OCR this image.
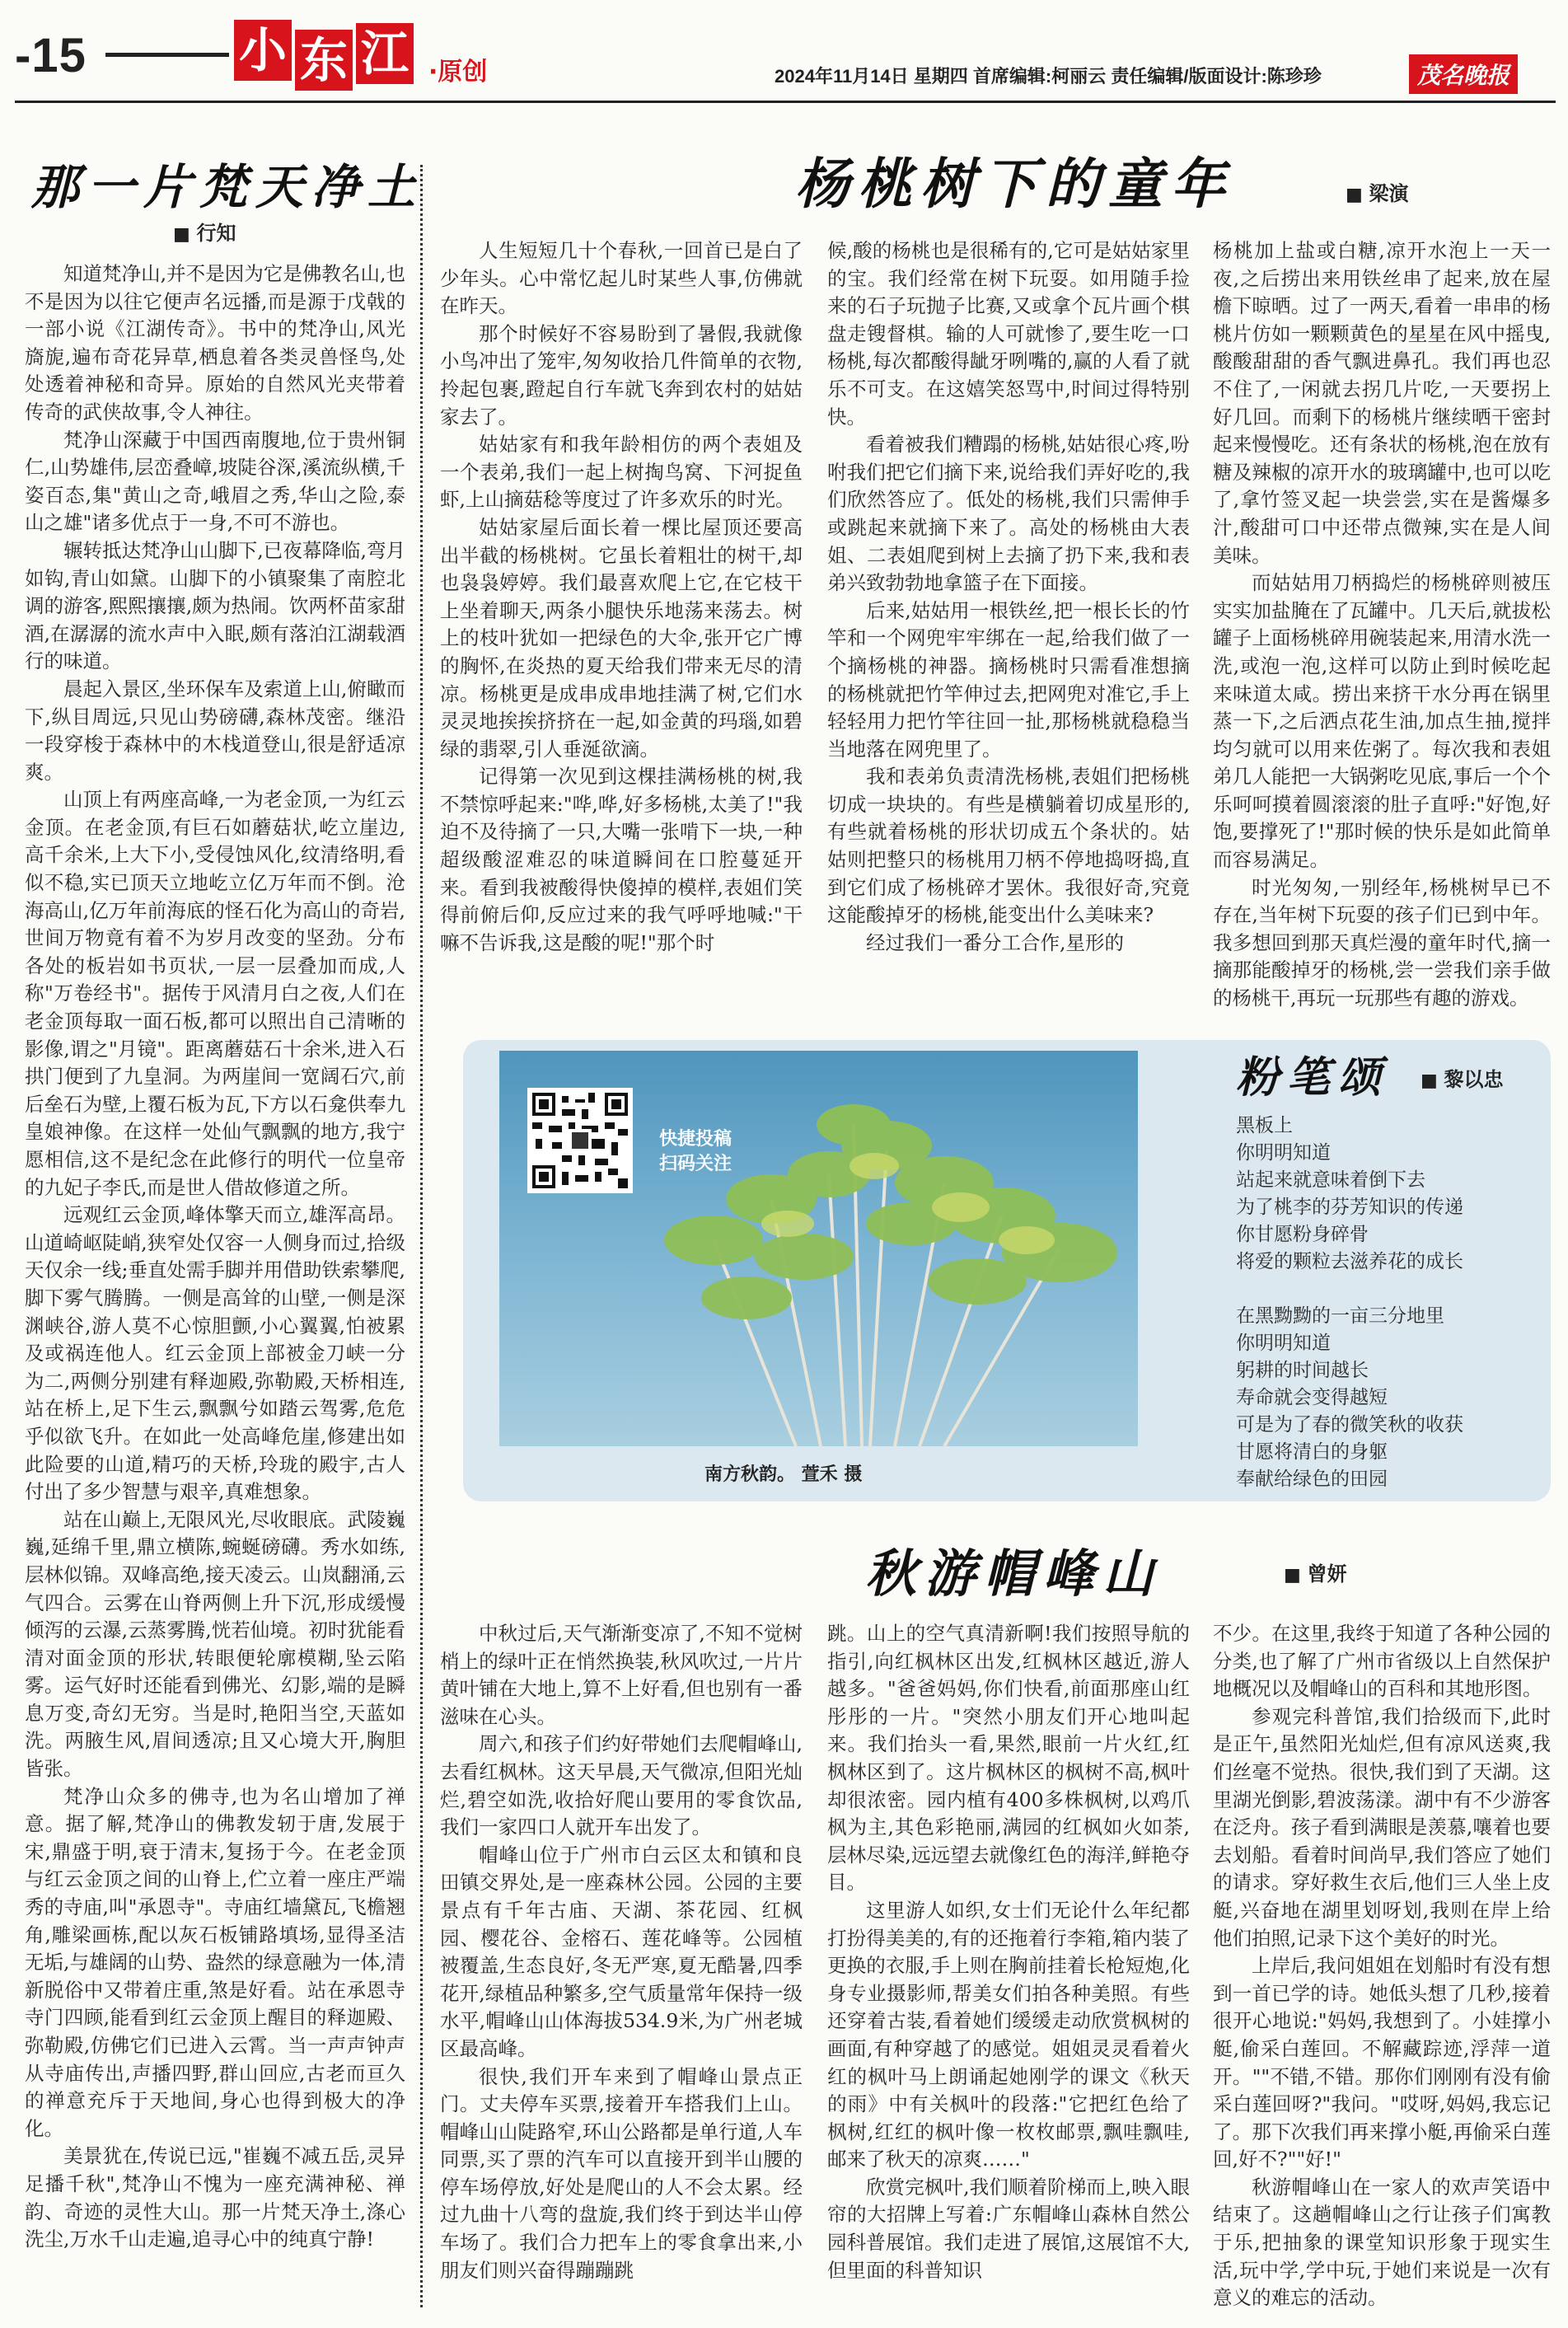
-15	小 东 江 ·原创	2024年11月14日 星期四 首席编辑:柯丽云 责任编辑/版面设计:陈珍珍	茂名晚报
那一片梵天净土
■ 行知

知道梵净山,并不是因为它是佛教名山,也不是因为以往它便声名远播,而是源于戊戟的一部小说《江湖传奇》。书中的梵净山,风光旖旎,遍布奇花异草,栖息着各类灵兽怪鸟,处处透着神秘和奇异。原始的自然风光夹带着传奇的武侠故事,令人神往。

梵净山深藏于中国西南腹地,位于贵州铜仁,山势雄伟,层峦叠嶂,坡陡谷深,溪流纵横,千姿百态,集"黄山之奇,峨眉之秀,华山之险,泰山之雄"诸多优点于一身,不可不游也。

辗转抵达梵净山山脚下,已夜幕降临,弯月如钩,青山如黛。山脚下的小镇聚集了南腔北调的游客,熙熙攘攘,颇为热闹。饮两杯苗家甜酒,在潺潺的流水声中入眠,颇有落泊江湖载酒行的味道。

晨起入景区,坐环保车及索道上山,俯瞰而下,纵目周远,只见山势磅礴,森林茂密。继沿一段穿梭于森林中的木栈道登山,很是舒适凉爽。

山顶上有两座高峰,一为老金顶,一为红云金顶。在老金顶,有巨石如蘑菇状,屹立崖边,高千余米,上大下小,受侵蚀风化,纹清络明,看似不稳,实已顶天立地屹立亿万年而不倒。沧海高山,亿万年前海底的怪石化为高山的奇岩,世间万物竟有着不为岁月改变的坚劲。分布各处的板岩如书页状,一层一层叠加而成,人称"万卷经书"。据传于风清月白之夜,人们在老金顶每取一面石板,都可以照出自己清晰的影像,谓之"月镜"。距离蘑菇石十余米,进入石拱门便到了九皇洞。为两崖间一宽阔石穴,前后垒石为壁,上覆石板为瓦,下方以石龛供奉九皇娘神像。在这样一处仙气飘飘的地方,我宁愿相信,这不是纪念在此修行的明代一位皇帝的九妃子李氏,而是世人借故修道之所。

远观红云金顶,峰体擎天而立,雄浑高昂。山道崎岖陡峭,狭窄处仅容一人侧身而过,拾级天仅余一线;垂直处需手脚并用借助铁索攀爬,脚下雾气腾腾。一侧是高耸的山壁,一侧是深渊峡谷,游人莫不心惊胆颤,小心翼翼,怕被累及或祸连他人。红云金顶上部被金刀峡一分为二,两侧分别建有释迦殿,弥勒殿,天桥相连,站在桥上,足下生云,飘飘兮如踏云驾雾,危危乎似欲飞升。在如此一处高峰危崖,修建出如此险要的山道,精巧的天桥,玲珑的殿宇,古人付出了多少智慧与艰辛,真难想象。

站在山巅上,无限风光,尽收眼底。武陵巍巍,延绵千里,鼎立横陈,蜿蜒磅礴。秀水如练,层林似锦。双峰高绝,接天凌云。山岚翻涌,云气四合。云雾在山脊两侧上升下沉,形成缓慢倾泻的云瀑,云蒸雾腾,恍若仙境。初时犹能看清对面金顶的形状,转眼便轮廓模糊,坠云陷雾。运气好时还能看到佛光、幻影,端的是瞬息万变,奇幻无穷。当是时,艳阳当空,天蓝如洗。两腋生风,眉间透凉;且又心境大开,胸胆皆张。

梵净山众多的佛寺,也为名山增加了禅意。据了解,梵净山的佛教发轫于唐,发展于宋,鼎盛于明,衰于清末,复扬于今。在老金顶与红云金顶之间的山脊上,伫立着一座庄严端秀的寺庙,叫"承恩寺"。寺庙红墙黛瓦,飞檐翘角,雕梁画栋,配以灰石板铺路填场,显得圣洁无垢,与雄阔的山势、盎然的绿意融为一体,清新脱俗中又带着庄重,煞是好看。站在承恩寺寺门四顾,能看到红云金顶上醒目的释迦殿、弥勒殿,仿佛它们已进入云霄。当一声声钟声从寺庙传出,声播四野,群山回应,古老而亘久的禅意充斥于天地间,身心也得到极大的净化。

美景犹在,传说已远,"崔巍不减五岳,灵异足播千秋",梵净山不愧为一座充满神秘、禅韵、奇迹的灵性大山。那一片梵天净土,涤心洗尘,万水千山走遍,追寻心中的纯真宁静!

杨桃树下的童年	■ 梁演

人生短短几十个春秋,一回首已是白了少年头。心中常忆起儿时某些人事,仿佛就在昨天。

那个时候好不容易盼到了暑假,我就像小鸟冲出了笼牢,匆匆收拾几件简单的衣物,拎起包裹,蹬起自行车就飞奔到农村的姑姑家去了。

姑姑家有和我年龄相仿的两个表姐及一个表弟,我们一起上树掏鸟窝、下河捉鱼虾,上山摘菇稔等度过了许多欢乐的时光。

姑姑家屋后面长着一棵比屋顶还要高出半截的杨桃树。它虽长着粗壮的树干,却也袅袅婷婷。我们最喜欢爬上它,在它枝干上坐着聊天,两条小腿快乐地荡来荡去。树上的枝叶犹如一把绿色的大伞,张开它广博的胸怀,在炎热的夏天给我们带来无尽的清凉。杨桃更是成串成串地挂满了树,它们水灵灵地挨挨挤挤在一起,如金黄的玛瑙,如碧绿的翡翠,引人垂涎欲滴。

记得第一次见到这棵挂满杨桃的树,我不禁惊呼起来:"哗,哗,好多杨桃,太美了!"我迫不及待摘了一只,大嘴一张啃下一块,一种超级酸涩难忍的味道瞬间在口腔蔓延开来。看到我被酸得快傻掉的模样,表姐们笑得前俯后仰,反应过来的我气呼呼地喊:"干嘛不告诉我,这是酸的呢!"那个时

候,酸的杨桃也是很稀有的,它可是姑姑家里的宝。我们经常在树下玩耍。如用随手捡来的石子玩抛子比赛,又或拿个瓦片画个棋盘走锼督棋。输的人可就惨了,要生吃一口杨桃,每次都酸得龇牙咧嘴的,赢的人看了就乐不可支。在这嬉笑怒骂中,时间过得特别快。

看着被我们糟蹋的杨桃,姑姑很心疼,吩咐我们把它们摘下来,说给我们弄好吃的,我们欣然答应了。低处的杨桃,我们只需伸手或跳起来就摘下来了。高处的杨桃由大表姐、二表姐爬到树上去摘了扔下来,我和表弟兴致勃勃地拿篮子在下面接。

后来,姑姑用一根铁丝,把一根长长的竹竿和一个网兜牢牢绑在一起,给我们做了一个摘杨桃的神器。摘杨桃时只需看准想摘的杨桃就把竹竿伸过去,把网兜对准它,手上轻轻用力把竹竿往回一扯,那杨桃就稳稳当当地落在网兜里了。

我和表弟负责清洗杨桃,表姐们把杨桃切成一块块的。有些是横躺着切成星形的,有些就着杨桃的形状切成五个条状的。姑姑则把整只的杨桃用刀柄不停地捣呀捣,直到它们成了杨桃碎才罢休。我很好奇,究竟这能酸掉牙的杨桃,能变出什么美味来?

经过我们一番分工合作,星形的

杨桃加上盐或白糖,凉开水泡上一天一夜,之后捞出来用铁丝串了起来,放在屋檐下晾晒。过了一两天,看着一串串的杨桃片仿如一颗颗黄色的星星在风中摇曳,酸酸甜甜的香气飘进鼻孔。我们再也忍不住了,一闲就去拐几片吃,一天要拐上好几回。而剩下的杨桃片继续晒干密封起来慢慢吃。还有条状的杨桃,泡在放有糖及辣椒的凉开水的玻璃罐中,也可以吃了,拿竹签叉起一块尝尝,实在是酱爆多汁,酸甜可口中还带点微辣,实在是人间美味。

而姑姑用刀柄捣烂的杨桃碎则被压实实加盐腌在了瓦罐中。几天后,就拔松罐子上面杨桃碎用碗装起来,用清水洗一洗,或泡一泡,这样可以防止到时候吃起来味道太咸。捞出来挤干水分再在锅里蒸一下,之后洒点花生油,加点生抽,搅拌均匀就可以用来佐粥了。每次我和表姐弟几人能把一大锅粥吃见底,事后一个个乐呵呵摸着圆滚滚的肚子直呼:"好饱,好饱,要撑死了!"那时候的快乐是如此简单而容易满足。

时光匆匆,一别经年,杨桃树早已不存在,当年树下玩耍的孩子们已到中年。我多想回到那天真烂漫的童年时代,摘一摘那能酸掉牙的杨桃,尝一尝我们亲手做的杨桃干,再玩一玩那些有趣的游戏。

快捷投稿
扫码关注
南方秋韵。 萱禾 摄
粉笔颂	■ 黎以忠
黑板上
你明明知道
站起来就意味着倒下去
为了桃李的芬芳知识的传递
你甘愿粉身碎骨
将爱的颗粒去滋养花的成长
在黑黝黝的一亩三分地里
你明明知道
躬耕的时间越长
寿命就会变得越短
可是为了春的微笑秋的收获
甘愿将清白的身躯
奉献给绿色的田园
秋游帽峰山	■ 曾妍

中秋过后,天气渐渐变凉了,不知不觉树梢上的绿叶正在悄然换装,秋风吹过,一片片黄叶铺在大地上,算不上好看,但也别有一番滋味在心头。

周六,和孩子们约好带她们去爬帽峰山,去看红枫林。这天早晨,天气微凉,但阳光灿烂,碧空如洗,收拾好爬山要用的零食饮品,我们一家四口人就开车出发了。

帽峰山位于广州市白云区太和镇和良田镇交界处,是一座森林公园。公园的主要景点有千年古庙、天湖、茶花园、红枫园、樱花谷、金榕石、莲花峰等。公园植被覆盖,生态良好,冬无严寒,夏无酷暑,四季花开,绿植品种繁多,空气质量常年保持一级水平,帽峰山山体海拔534.9米,为广州老城区最高峰。

很快,我们开车来到了帽峰山景点正门。丈夫停车买票,接着开车搭我们上山。帽峰山山陡路窄,环山公路都是单行道,人车同票,买了票的汽车可以直接开到半山腰的停车场停放,好处是爬山的人不会太累。经过九曲十八弯的盘旋,我们终于到达半山停车场了。我们合力把车上的零食拿出来,小朋友们则兴奋得蹦蹦跳

跳。山上的空气真清新啊!我们按照导航的指引,向红枫林区出发,红枫林区越近,游人越多。"爸爸妈妈,你们快看,前面那座山红彤彤的一片。"突然小朋友们开心地叫起来。我们抬头一看,果然,眼前一片火红,红枫林区到了。这片枫林区的枫树不高,枫叶却很浓密。园内植有400多株枫树,以鸡爪枫为主,其色彩艳丽,满园的红枫如火如荼,层林尽染,远远望去就像红色的海洋,鲜艳夺目。

这里游人如织,女士们无论什么年纪都打扮得美美的,有的还拖着行李箱,箱内装了更换的衣服,手上则在胸前挂着长枪短炮,化身专业摄影师,帮美女们拍各种美照。有些还穿着古装,看着她们缓缓走动欣赏枫树的画面,有种穿越了的感觉。姐姐灵灵看着火红的枫叶马上朗诵起她刚学的课文《秋天的雨》中有关枫叶的段落:"它把红色给了枫树,红红的枫叶像一枚枚邮票,飘哇飘哇,邮来了秋天的凉爽……"

欣赏完枫叶,我们顺着阶梯而上,映入眼帘的大招牌上写着:广东帽峰山森林自然公园科普展馆。我们走进了展馆,这展馆不大,但里面的科普知识

不少。在这里,我终于知道了各种公园的分类,也了解了广州市省级以上自然保护地概况以及帽峰山的百科和其地形图。

参观完科普馆,我们拾级而下,此时是正午,虽然阳光灿烂,但有凉风送爽,我们丝毫不觉热。很快,我们到了天湖。这里湖光倒影,碧波荡漾。湖中有不少游客在泛舟。孩子看到满眼是羡慕,嚷着也要去划船。看着时间尚早,我们答应了她们的请求。穿好救生衣后,他们三人坐上皮艇,兴奋地在湖里划呀划,我则在岸上给他们拍照,记录下这个美好的时光。

上岸后,我问姐姐在划船时有没有想到一首已学的诗。她低头想了几秒,接着很开心地说:"妈妈,我想到了。小娃撑小艇,偷采白莲回。不解藏踪迹,浮萍一道开。""不错,不错。那你们刚刚有没有偷采白莲回呀?"我问。"哎呀,妈妈,我忘记了。那下次我们再来撑小艇,再偷采白莲回,好不?""好!"

秋游帽峰山在一家人的欢声笑语中结束了。这趟帽峰山之行让孩子们寓教于乐,把抽象的课堂知识形象于现实生活,玩中学,学中玩,于她们来说是一次有意义的难忘的活动。
